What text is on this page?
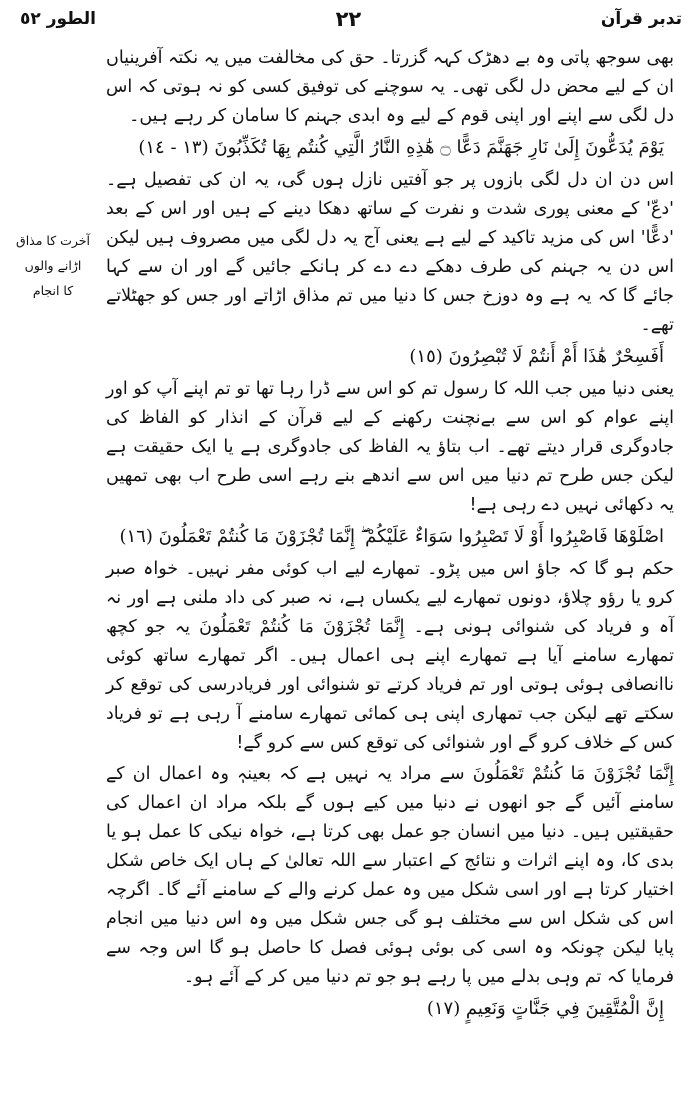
تدبر قرآن
٢٢
الطور ٥٢
آخرت کا مذاق
اڑانے والوں
کا انجام

بھی سوجھ پاتی وہ بے دھڑک کہہ گزرتا۔ حق کی مخالفت میں یہ نکتہ آفرینیاں ان کے لیے محض دل لگی تھی۔ یہ سوچنے کی توفیق کسی کو نہ ہوتی کہ اس دل لگی سے اپنے اور اپنی قوم کے لیے وہ ابدی جہنم کا سامان کر رہے ہیں۔

يَوْمَ يُدَعُّونَ إِلَىٰ نَارِ جَهَنَّمَ دَعًّا ۝ هَٰذِهِ النَّارُ الَّتِي كُنتُم بِهَا تُكَذِّبُونَ (١٣ - ١٤)

اس دن ان دل لگی بازوں پر جو آفتیں نازل ہوں گی، یہ ان کی تفصیل ہے۔ 'دعّ' کے معنی پوری شدت و نفرت کے ساتھ دھکا دینے کے ہیں اور اس کے بعد 'دعًّا' اس کی مزید تاکید کے لیے ہے یعنی آج یہ دل لگی میں مصروف ہیں لیکن اس دن یہ جہنم کی طرف دھکے دے دے کر ہانکے جائیں گے اور ان سے کہا جائے گا کہ یہ ہے وہ دوزخ جس کا دنیا میں تم مذاق اڑاتے اور جس کو جھٹلاتے تھے۔

أَفَسِحْرٌ هَٰذَا أَمْ أَنتُمْ لَا تُبْصِرُونَ (١٥)

یعنی دنیا میں جب اللہ کا رسول تم کو اس سے ڈرا رہا تھا تو تم اپنے آپ کو اور اپنے عوام کو اس سے بےنچنت رکھنے کے لیے قرآن کے انذار کو الفاظ کی جادوگری قرار دیتے تھے۔ اب بتاؤ یہ الفاظ کی جادوگری ہے یا ایک حقیقت ہے لیکن جس طرح تم دنیا میں اس سے اندھے بنے رہے اسی طرح اب بھی تمھیں یہ دکھائی نہیں دے رہی ہے!

اصْلَوْهَا فَاصْبِرُوا أَوْ لَا تَصْبِرُوا سَوَاءٌ عَلَيْكُمْ ۖ إِنَّمَا تُجْزَوْنَ مَا كُنتُمْ تَعْمَلُونَ (١٦)

حکم ہو گا کہ جاؤ اس میں پڑو۔ تمھارے لیے اب کوئی مفر نہیں۔ خواہ صبر کرو یا رؤو چلاؤ، دونوں تمھارے لیے یکساں ہے، نہ صبر کی داد ملنی ہے اور نہ آہ و فریاد کی شنوائی ہونی ہے۔ إِنَّمَا تُجْزَوْنَ مَا كُنتُمْ تَعْمَلُونَ یہ جو کچھ تمھارے سامنے آیا ہے تمھارے اپنے ہی اعمال ہیں۔ اگر تمھارے ساتھ کوئی ناانصافی ہوئی ہوتی اور تم فریاد کرتے تو شنوائی اور فریادرسی کی توقع کر سکتے تھے لیکن جب تمھاری اپنی ہی کمائی تمھارے سامنے آ رہی ہے تو فریاد کس کے خلاف کرو گے اور شنوائی کی توقع کس سے کرو گے!

إِنَّمَا تُجْزَوْنَ مَا كُنتُمْ تَعْمَلُونَ سے مراد یہ نہیں ہے کہ بعینہٖ وہ اعمال ان کے سامنے آئیں گے جو انھوں نے دنیا میں کیے ہوں گے بلکہ مراد ان اعمال کی حقیقتیں ہیں۔ دنیا میں انسان جو عمل بھی کرتا ہے، خواہ نیکی کا عمل ہو یا بدی کا، وہ اپنے اثرات و نتائج کے اعتبار سے اللہ تعالیٰ کے ہاں ایک خاص شکل اختیار کرتا ہے اور اسی شکل میں وہ عمل کرنے والے کے سامنے آئے گا۔ اگرچہ اس کی شکل اس سے مختلف ہو گی جس شکل میں وہ اس دنیا میں انجام پایا لیکن چونکہ وہ اسی کی بوئی ہوئی فصل کا حاصل ہو گا اس وجہ سے فرمایا کہ تم وہی بدلے میں پا رہے ہو جو تم دنیا میں کر کے آئے ہو۔

إِنَّ الْمُتَّقِينَ فِي جَنَّاتٍ وَنَعِيمٍ (١٧)
